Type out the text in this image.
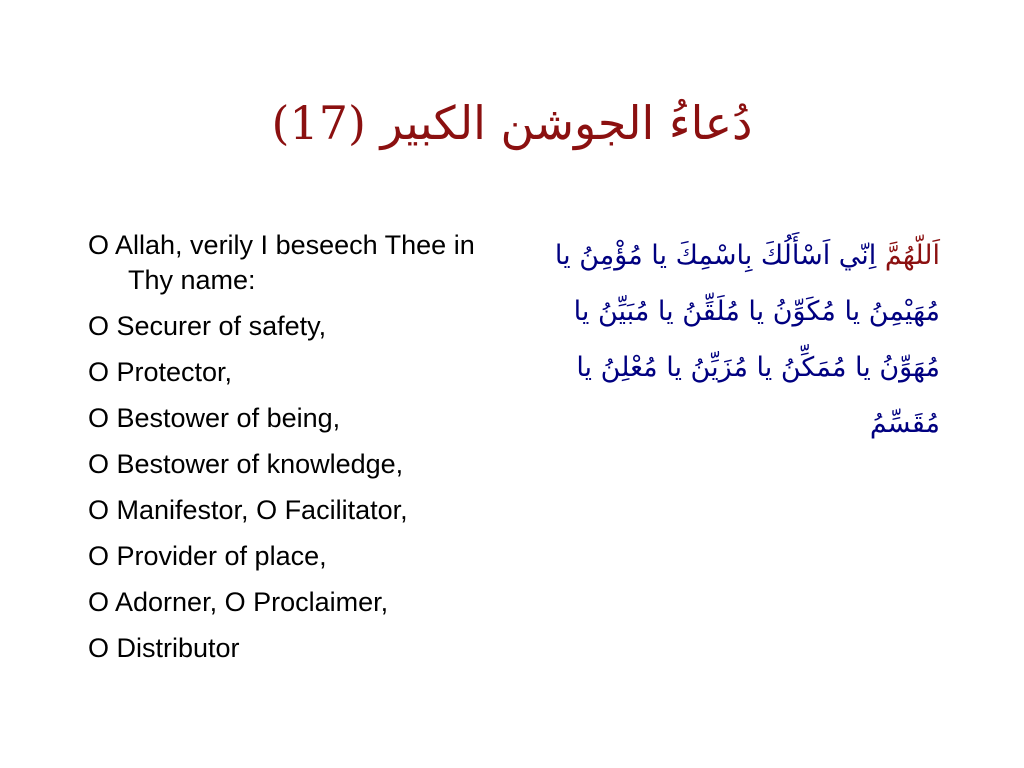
دُعاءُ الجوشن الكبير (17)
O Allah, verily I beseech Thee in Thy name:
O Securer of safety,
O Protector,
O Bestower of being,
O Bestower of knowledge,
O Manifestor, O Facilitator,
O Provider of place,
O Adorner, O Proclaimer,
O Distributor
اَللّهُمَّ اِنّي اَسْأَلُكَ بِاسْمِكَ يا مُؤْمِنُ يا مُهَيْمِنُ يا مُكَوِّنُ يا مُلَقِّنُ يا مُبَيِّنُ يا مُهَوِّنُ يا مُمَكِّنُ يا مُزَيِّنُ يا مُعْلِنُ يا مُقَسِّمُ
